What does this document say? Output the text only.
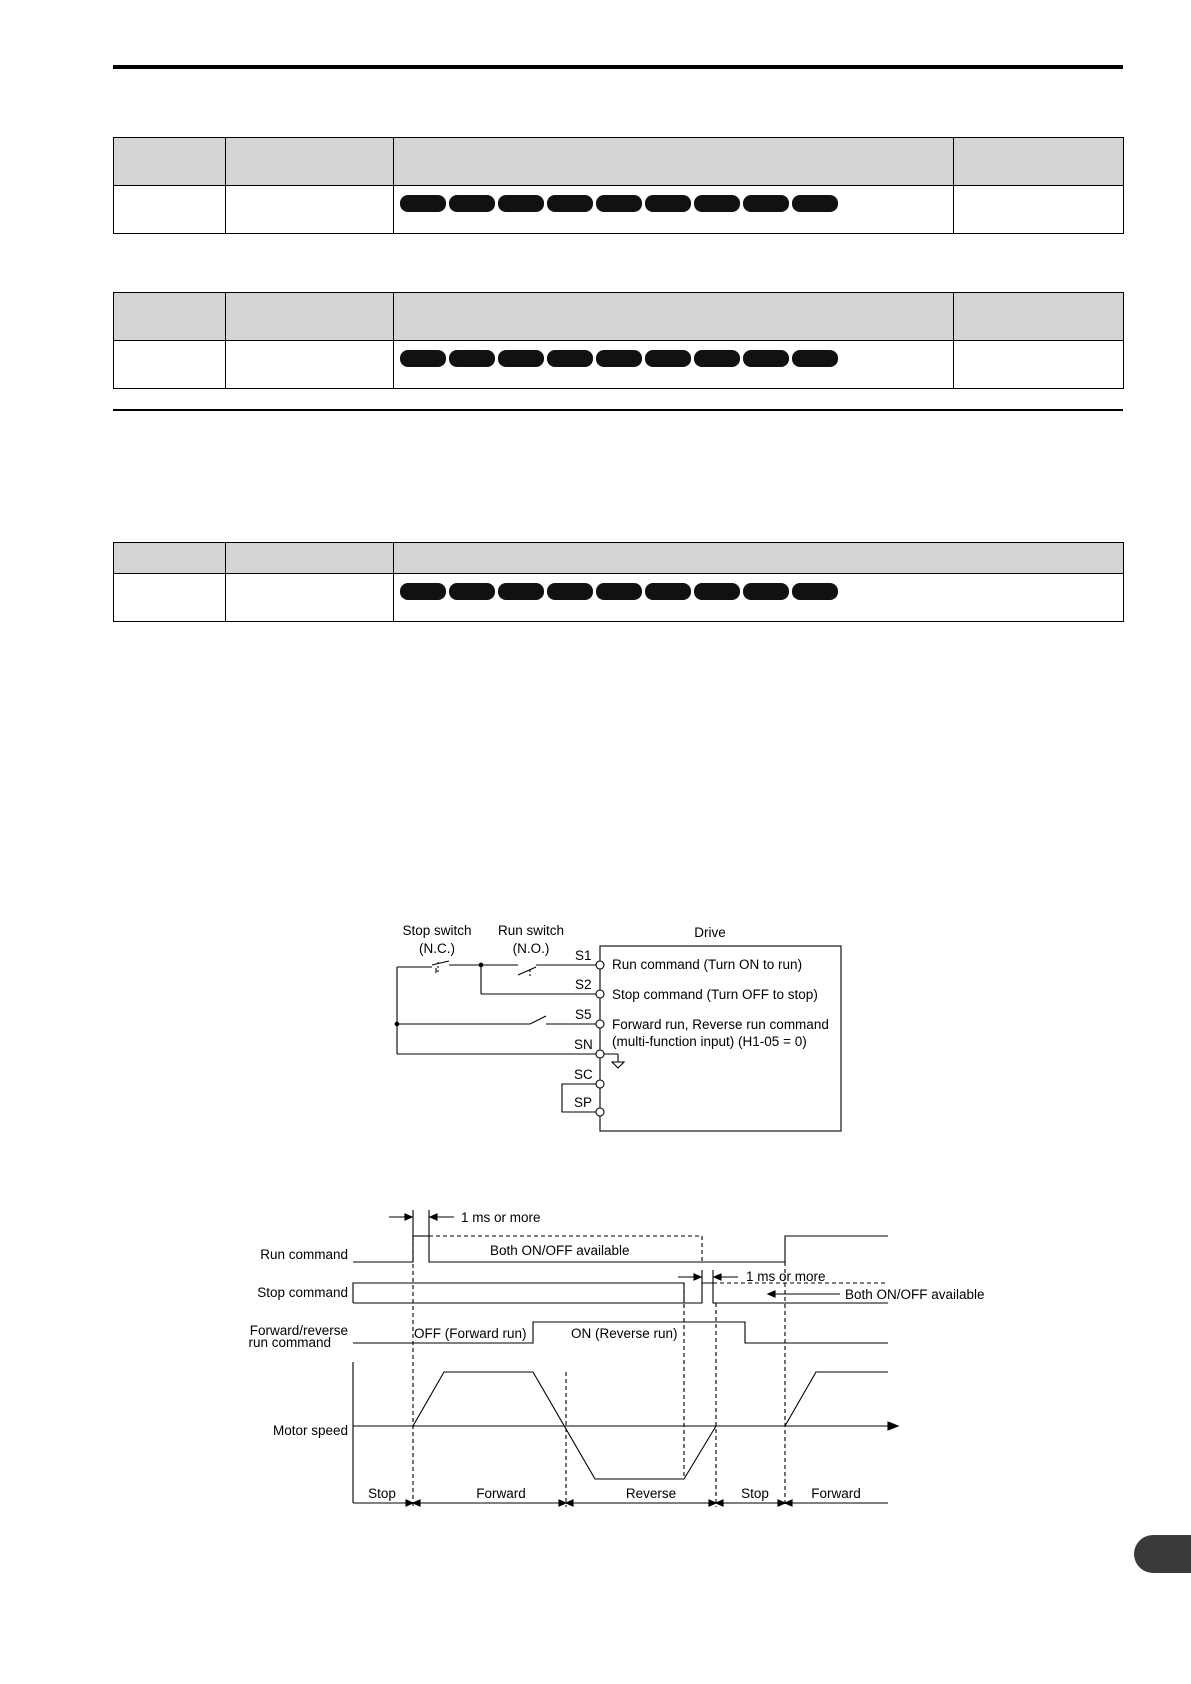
Stop switch
(N.C.)
Run switch
(N.O.)
Drive
S1
S2
S5
SN
SC
SP
Run command (Turn ON to run)
Stop command (Turn OFF to stop)
Forward run, Reverse run command
(multi-function input) (H1-05 = 0)
Run command
Stop command
Forward/reverse
run command
Motor speed
1 ms or more
Both ON/OFF available
1 ms or more
Both ON/OFF available
OFF (Forward run)	ON (Reverse run)
Stop	Forward	Reverse	Stop	Forward
